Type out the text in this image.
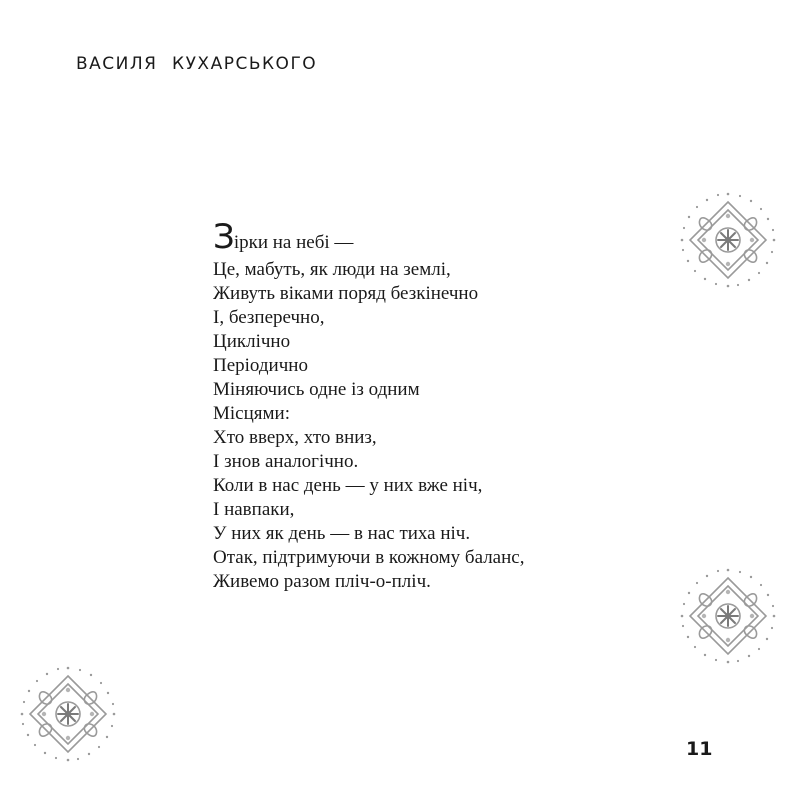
ВАСИЛЯ КУХАРСЬКОГО
Зірки на небі —
Це, мабуть, як люди на землі,
Живуть віками поряд безкінечно
І, безперечно,
Циклічно
Періодично
Міняючись одне із одним
Місцями:
Хто вверх, хто вниз,
І знов аналогічно.
Коли в нас день — у них вже ніч,
І навпаки,
У них як день — в нас тиха ніч.
Отак, підтримуючи в кожному баланс,
Живемо разом пліч-о-пліч.
11
